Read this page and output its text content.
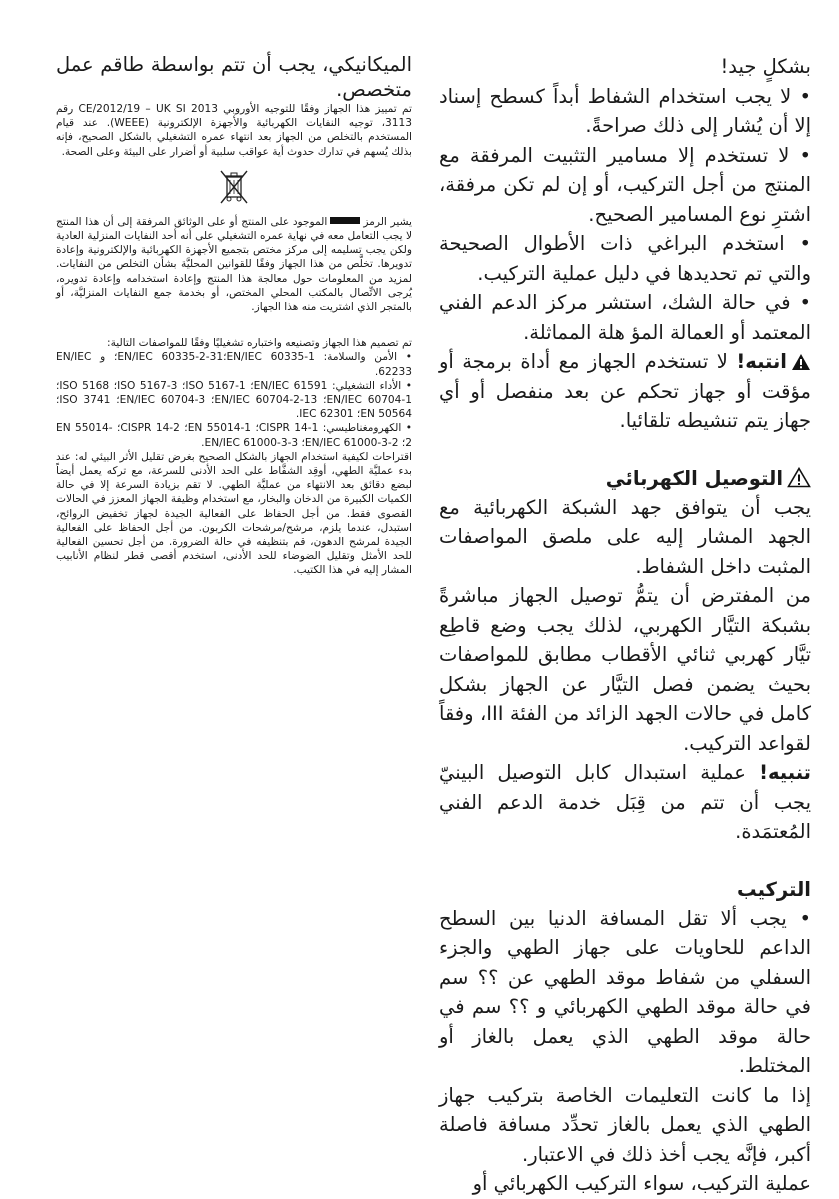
بشكلٍ جيد!

• لا يجب استخدام الشفاط أبداً كسطح إسناد إلا أن يُشار إلى ذلك صراحةً.

• لا تستخدم إلا مسامير التثبيت المرفقة مع المنتج من أجل التركيب، أو إن لم تكن مرفقة، اشترِ نوع المسامير الصحيح.

• استخدم البراغي ذات الأطوال الصحيحة والتي تم تحديدها في دليل عملية التركيب.

• في حالة الشك، استشر مركز الدعم الفني المعتمد أو العمالة المؤ هلة المماثلة.

انتبه! لا تستخدم الجهاز مع أداة برمجة أو مؤقت أو جهاز تحكم عن بعد منفصل أو أي جهاز يتم تنشيطه تلقائيا.

التوصيل الكهربائي

يجب أن يتوافق جهد الشبكة الكهربائية مع الجهد المشار إليه على ملصق المواصفات المثبت داخل الشفاط.

من المفترض أن يتمُّ توصيل الجهاز مباشرةً بشبكة التيَّار الكهربي، لذلك يجب وضع قاطِع تيَّار كهربي ثنائي الأقطاب مطابق للمواصفات بحيث يضمن فصل التيَّار عن الجهاز بشكل كامل في حالات الجهد الزائد من الفئة III، وفقاً لقواعد التركيب.

تنبيه! عملية استبدال كابل التوصيل البينيّ يجب أن تتم من قِبَل خدمة الدعم الفني المُعتمَدة.

التركيب

• يجب ألا تقل المسافة الدنيا بين السطح الداعم للحاويات على جهاز الطهي والجزء السفلي من شفاط موقد الطهي عن ؟؟ سم في حالة موقد الطهي الكهربائي و ؟؟ سم في حالة موقد الطهي الذي يعمل بالغاز أو المختلط.

إذا ما كانت التعليمات الخاصة بتركيب جهاز الطهي الذي يعمل بالغاز تحدِّد مسافة فاصلة أكبر، فإنَّه يجب أخذ ذلك في الاعتبار.

عملية التركيب، سواء التركيب الكهربائي أو

الميكانيكي، يجب أن تتم بواسطة طاقم عمل متخصص.

تم تمييز هذا الجهاز وفقًا للتوجيه الأوروبي CE/2012/19 – UK SI 2013 رقم 3113، توجيه النفايات الكهربائية والأجهزة الإلكترونية (WEEE). عند قيام المستخدم بالتخلص من الجهاز بعد انتهاء عمره التشغيلي بالشكل الصحيح، فإنه بذلك يُسهم في تدارك حدوث أية عواقب سلبية أو أضرار على البيئة وعلى الصحة.

يشير الرمزالموجود على المنتج أو على الوثائق المرفقة إلى أن هذا المنتج لا يجب التعامل معه في نهاية عمره التشغيلي على أنه أحد النفايات المنزلية العادية ولكن يجب تسليمه إلى مركز مختص بتجميع الأجهزة الكهربائية والإلكترونية وإعادة تدويرها. تخلَّص من هذا الجهاز وفقًا للقوانين المحليَّة بشأن التخلص من النفايات. لمزيد من المعلومات حول معالجة هذا المنتج وإعادة استخدامه وإعادة تدويره، يُرجى الاتِّصال بالمكتب المحلي المختص، أو بخدمة جمع النفايات المنزليَّة، أو بالمتجر الذي اشتريت منه هذا الجهاز.

تم تصميم هذا الجهاز وتصنيعه واختباره تشغيليًا وفقًا للمواصفات التالية:

• الأمن والسلامة: EN/IEC 60335-1؛EN/IEC 60335-2-31؛ و EN/IEC 62233.

• الأداء التشغيلي: EN/IEC 61591؛ ISO 5167-1؛ ISO 5167-3؛ ISO 5168؛ EN/IEC 60704-1؛ EN/IEC 60704-2-13؛ EN/IEC 60704-3؛ ISO 3741؛ EN 50564؛ IEC 62301.

• الكهرومغناطيسي: CISPR 14-1؛ EN 55014-1؛ CISPR 14-2؛ EN 55014-2؛ EN/IEC 61000-3-2؛ EN/IEC 61000-3-3.

اقتراحات لكيفية استخدام الجهاز بالشكل الصحيح بغرض تقليل الأثر البيئي له: عند بدء عمليَّة الطهي، أوقِد الشفَّاط على الحد الأدنى للسرعة، مع تركه يعمل أيضاً لبضع دقائق بعد الانتهاء من عمليَّة الطهي. لا تقم بزيادة السرعة إلا في حالة الكميات الكبيرة من الدخان والبخار، مع استخدام وظيفة الجهاز المعزز في الحالات القصوى فقط. من أجل الحفاظ على الفعالية الجيدة لجهاز تخفيض الروائح، استبدل، عندما يلزم، مرشح/مرشحات الكربون. من أجل الحفاظ على الفعالية الجيدة لمرشح الدهون، قم بتنظيفه في حالة الضرورة. من أجل تحسين الفعالية للحد الأمثل وتقليل الضوضاء للحد الأدنى، استخدم أقصى قطر لنظام الأنابيب المشار إليه في هذا الكتيب.
